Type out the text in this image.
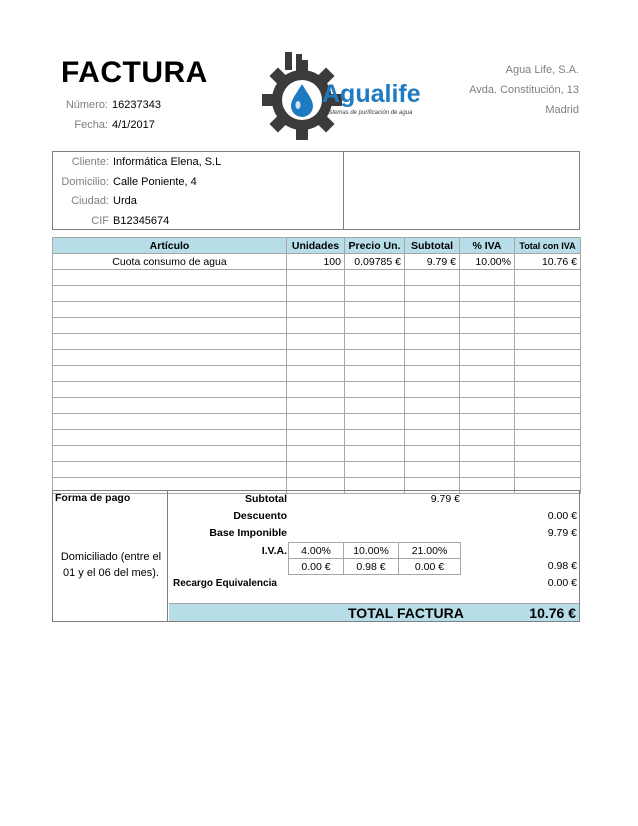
FACTURA
Número: 16237343
Fecha: 4/1/2017
Agualife
Sistemas de purificación de agua
Agua Life, S.A.
Avda. Constitución, 13
Madrid
Cliente: Informática Elena, S.L
Domicilio: Calle Poniente, 4
Ciudad: Urda
CIF B12345674
Artículo	Unidades	Precio Un.	Subtotal	% IVA	Total con IVA
Cuota consumo de agua	100	0.09785 €	9.79 €	10.00%	10.76 €

Forma de pago
Domiciliado (entre el 01 y el 06 del mes).
Subtotal	9.79 €
Descuento	0.00 €
Base Imponible	9.79 €
I.V.A.	4.00%	10.00%	21.00%
0.00 €	0.98 €	0.00 €	0.98 €
Recargo Equivalencia	0.00 €
TOTAL FACTURA	10.76 €
